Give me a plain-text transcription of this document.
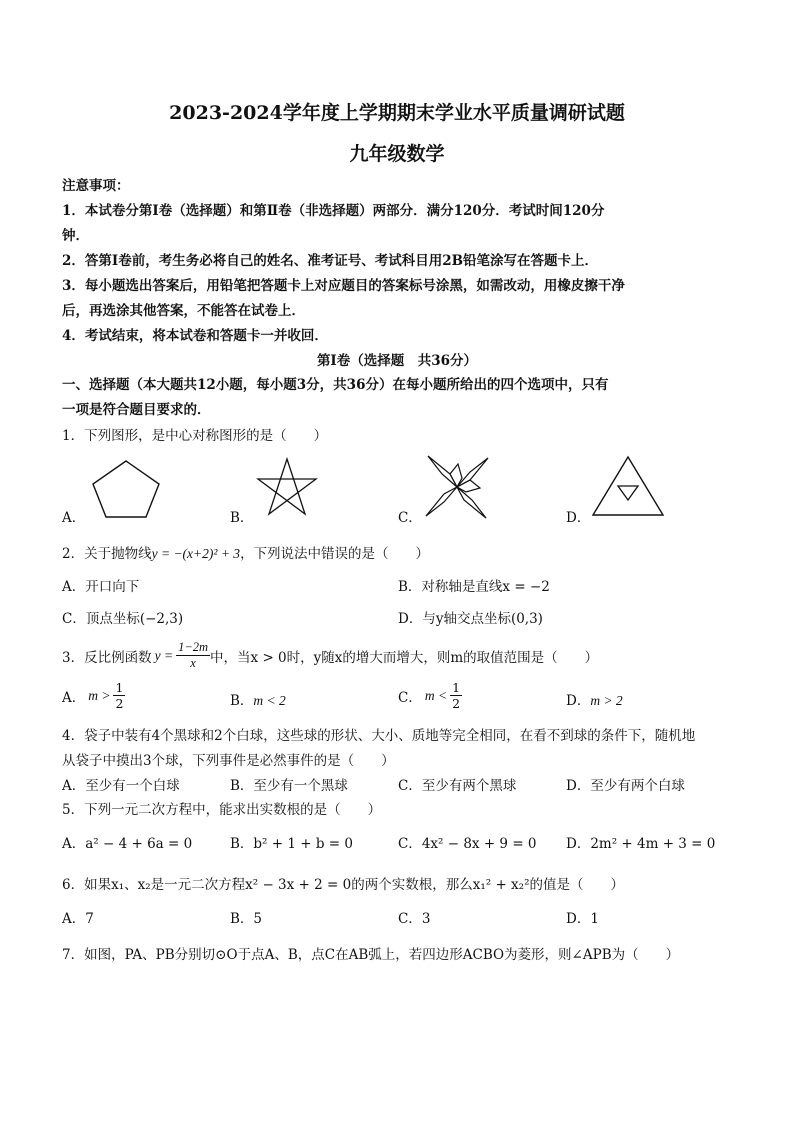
2023-2024学年度上学期期末学业水平质量调研试题
九年级数学
注意事项：
1．本试卷分第Ⅰ卷（选择题）和第Ⅱ卷（非选择题）两部分．满分120分．考试时间120分
钟．
2．答第Ⅰ卷前，考生务必将自己的姓名、准考证号、考试科目用2B铅笔涂写在答题卡上．
3．每小题选出答案后，用铅笔把答题卡上对应题目的答案标号涂黑，如需改动，用橡皮擦干净
后，再选涂其他答案，不能答在试卷上．
4．考试结束，将本试卷和答题卡一并收回．
第Ⅰ卷（选择题　共36分）
一、选择题（本大题共12小题，每小题3分，共36分）在每小题所给出的四个选项中，只有
一项是符合题目要求的．
1．下列图形，是中心对称图形的是（　　）
A．	B．	C．	D．
2．关于抛物线y = −(x+2)² + 3，下列说法中错误的是（　　）
A．开口向下	B．对称轴是直线x = −2
C．顶点坐标(−2,3)	D．与y轴交点坐标(0,3)
3．反比例函数 $y = \frac{1-2m}{x}$ 中，当x > 0时，y随x的增大而增大，则m的取值范围是（　　）
A． $m > \frac{1}{2}$	B．m < 2	C． $m < \frac{1}{2}$	D．m > 2
4．袋子中装有4个黑球和2个白球，这些球的形状、大小、质地等完全相同，在看不到球的条件下，随机地
从袋子中摸出3个球，下列事件是必然事件的是（　　）
A．至少有一个白球	B．至少有一个黑球	C．至少有两个黑球	D．至少有两个白球
5．下列一元二次方程中，能求出实数根的是（　　）
A．a² − 4 + 6a = 0	B．b² + 1 + b = 0	C．4x² − 8x + 9 = 0 D．2m² + 4m + 3 = 0
6．如果x₁、x₂是一元二次方程x² − 3x + 2 = 0的两个实数根，那么x₁² + x₂²的值是（　　）
A．7	B．5	C．3	D．1
7．如图，PA、PB分别切⊙O于点A、B，点C在AB弧上，若四边形ACBO为菱形，则∠APB为（　　）
